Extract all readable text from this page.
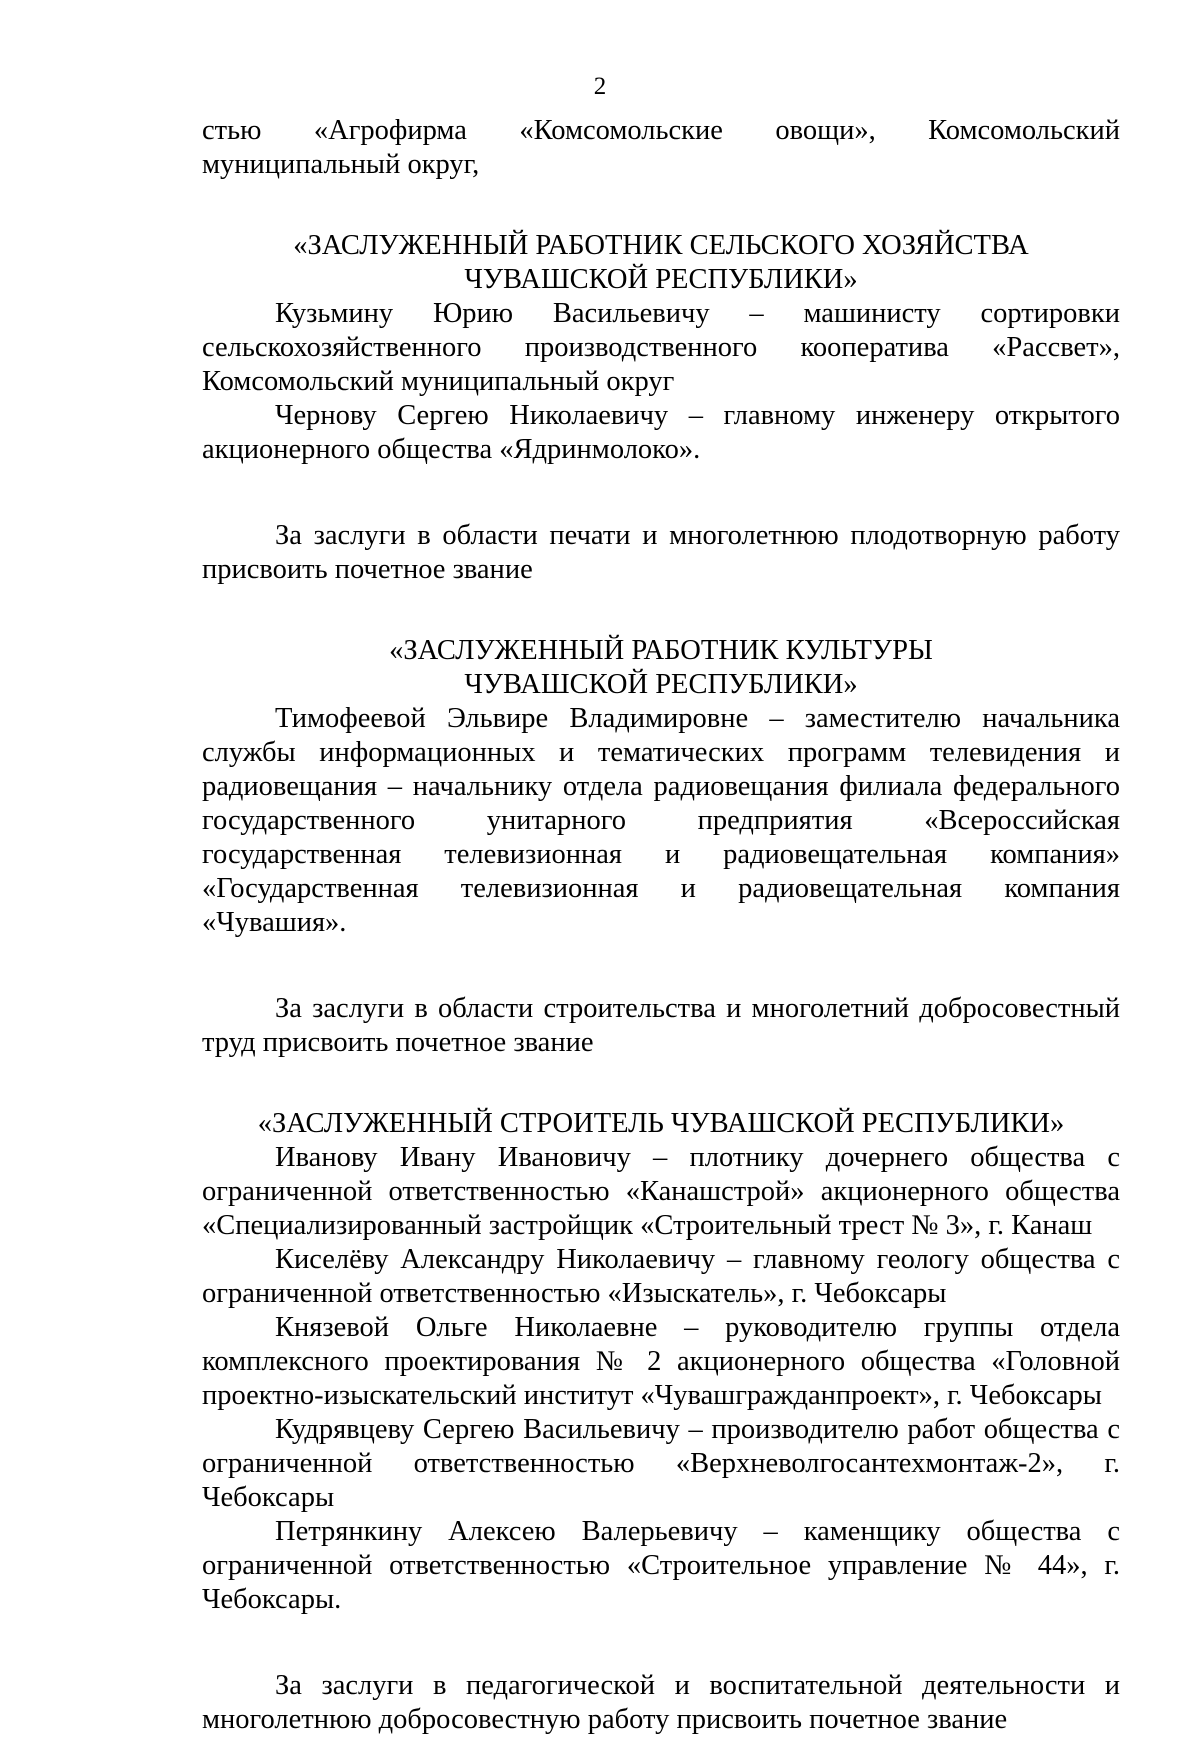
2

стью «Агрофирма «Комсомольские овощи», Комсомольский муниципальный округ,

«ЗАСЛУЖЕННЫЙ РАБОТНИК СЕЛЬСКОГО ХОЗЯЙСТВА

ЧУВАШСКОЙ РЕСПУБЛИКИ»

Кузьмину Юрию Васильевичу – машинисту сортировки сельскохозяйственного производственного кооператива «Рассвет», Комсомольский муниципальный округ

Чернову Сергею Николаевичу – главному инженеру открытого акционерного общества «Ядринмолоко».

За заслуги в области печати и многолетнюю плодотворную работу присвоить почетное звание

«ЗАСЛУЖЕННЫЙ РАБОТНИК КУЛЬТУРЫ

ЧУВАШСКОЙ РЕСПУБЛИКИ»

Тимофеевой Эльвире Владимировне – заместителю начальника службы информационных и тематических программ телевидения и радиовещания – начальнику отдела радиовещания филиала федерального государственного унитарного предприятия «Всероссийская государственная телевизионная и радиовещательная компания» «Государственная телевизионная и радиовещательная компания «Чувашия».

За заслуги в области строительства и многолетний добросовестный труд присвоить почетное звание

«ЗАСЛУЖЕННЫЙ СТРОИТЕЛЬ ЧУВАШСКОЙ РЕСПУБЛИКИ»

Иванову Ивану Ивановичу – плотнику дочернего общества с ограниченной ответственностью «Канашстрой» акционерного общества «Специализированный застройщик «Строительный трест № 3», г. Канаш

Киселёву Александру Николаевичу – главному геологу общества с ограниченной ответственностью «Изыскатель», г. Чебоксары

Князевой Ольге Николаевне – руководителю группы отдела комплексного проектирования № 2 акционерного общества «Головной проектно-изыскательский институт «Чувашгражданпроект», г. Чебоксары

Кудрявцеву Сергею Васильевичу – производителю работ общества с ограниченной ответственностью «Верхневолгосантехмонтаж-2», г. Чебоксары

Петрянкину Алексею Валерьевичу – каменщику общества с ограниченной ответственностью «Строительное управление № 44», г. Чебоксары.

За заслуги в педагогической и воспитательной деятельности и многолетнюю добросовестную работу присвоить почетное звание
